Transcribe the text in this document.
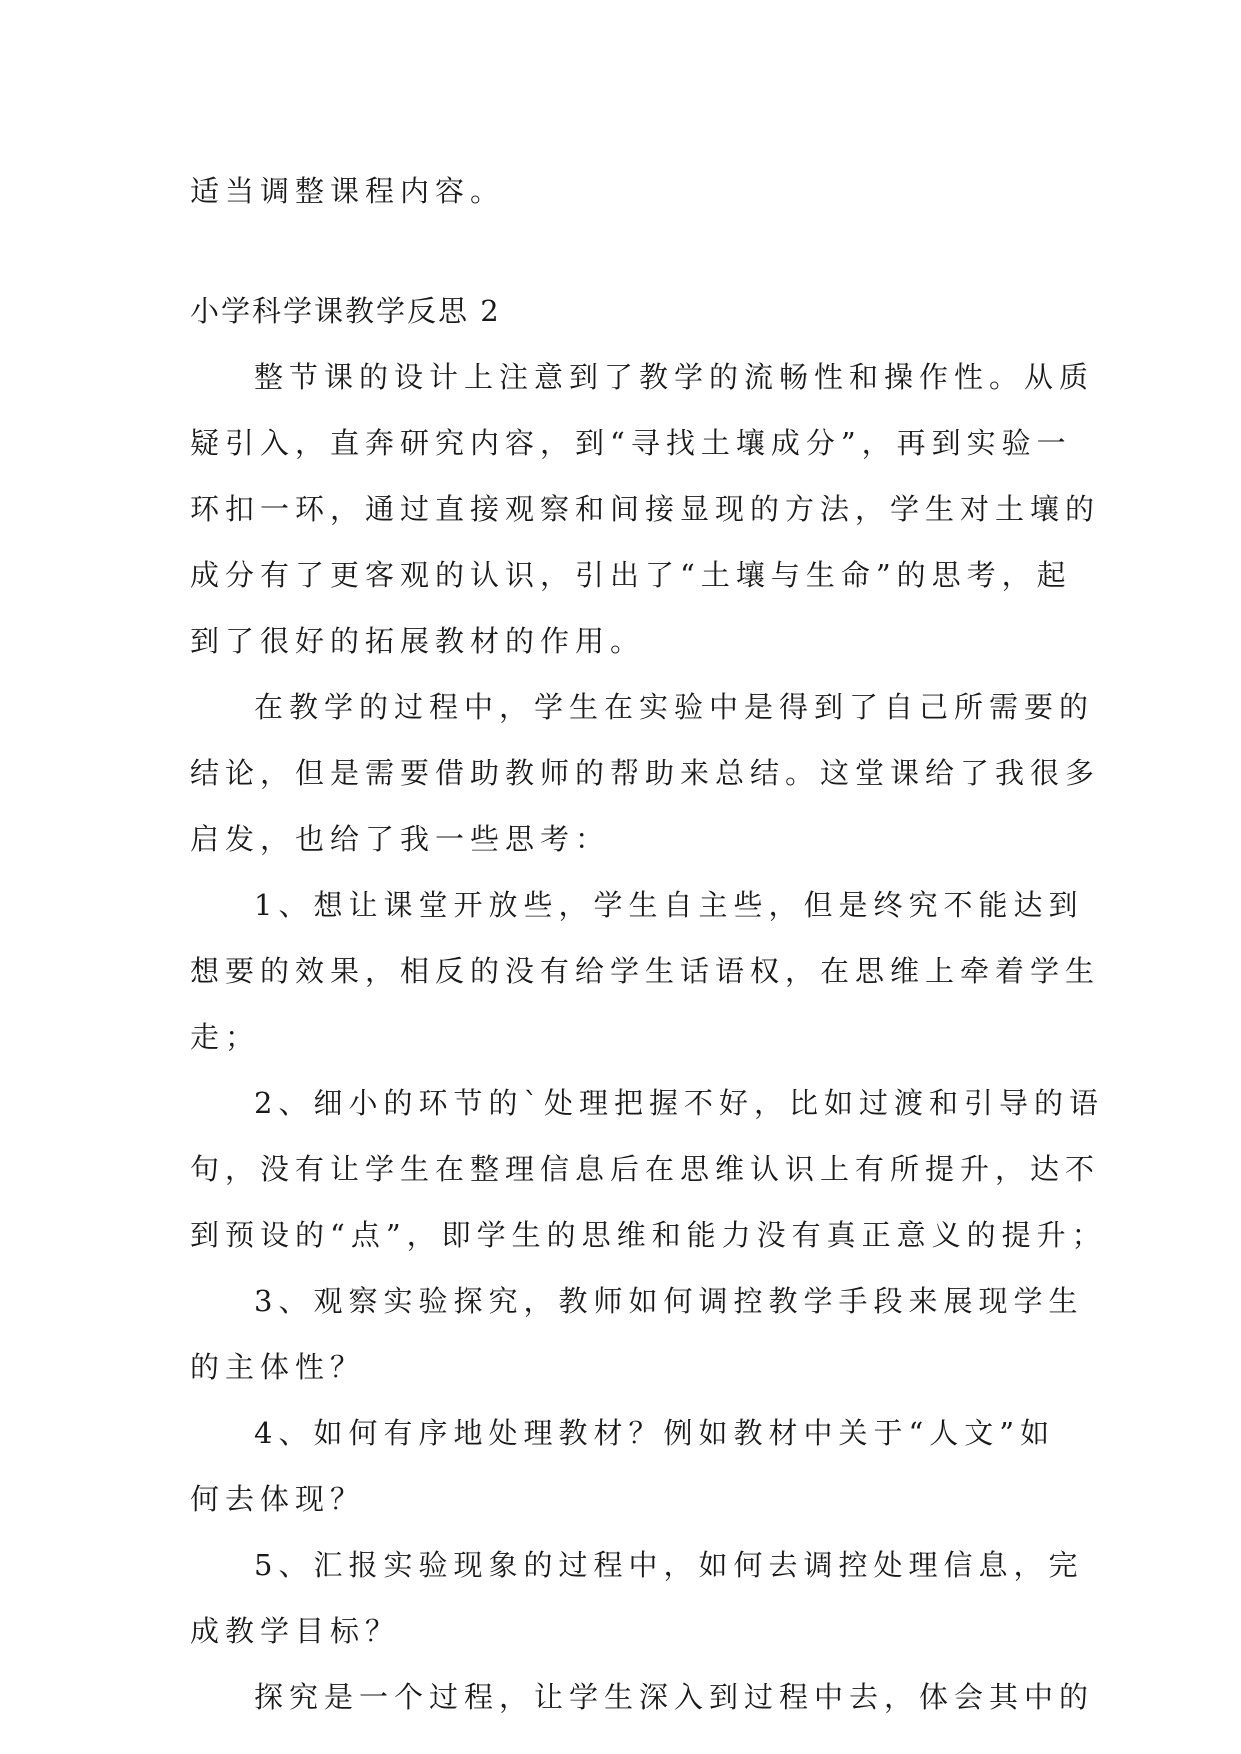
适当调整课程内容。

小学科学课教学反思 2

整节课的设计上注意到了教学的流畅性和操作性。从质

疑引入，直奔研究内容，到“寻找土壤成分”，再到实验一

环扣一环，通过直接观察和间接显现的方法，学生对土壤的

成分有了更客观的认识，引出了“土壤与生命”的思考，起

到了很好的拓展教材的作用。

在教学的过程中，学生在实验中是得到了自己所需要的

结论，但是需要借助教师的帮助来总结。这堂课给了我很多

启发，也给了我一些思考：

1、想让课堂开放些，学生自主些，但是终究不能达到

想要的效果，相反的没有给学生话语权，在思维上牵着学生

走；

2、细小的环节的`处理把握不好，比如过渡和引导的语

句，没有让学生在整理信息后在思维认识上有所提升，达不

到预设的“点”，即学生的思维和能力没有真正意义的提升；

3、观察实验探究，教师如何调控教学手段来展现学生

的主体性？

4、如何有序地处理教材？例如教材中关于“人文”如

何去体现？

5、汇报实验现象的过程中，如何去调控处理信息，完

成教学目标？

探究是一个过程，让学生深入到过程中去，体会其中的
